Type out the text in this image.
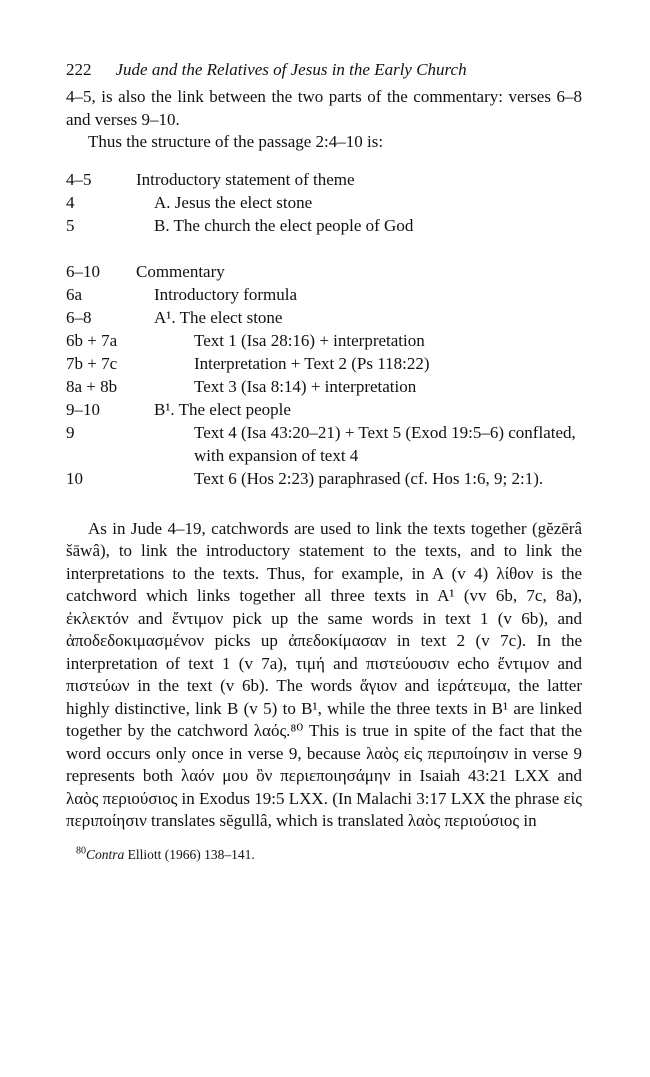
222 Jude and the Relatives of Jesus in the Early Church

4–5, is also the link between the two parts of the commentary: verses 6–8 and verses 9–10.

Thus the structure of the passage 2:4–10 is:

4–5	Introductory statement of theme
4	A. Jesus the elect stone
5	B. The church the elect people of God
6–10	Commentary
6a	Introductory formula
6–8	A¹. The elect stone
6b + 7a	Text 1 (Isa 28:16) + interpretation
7b + 7c	Interpretation + Text 2 (Ps 118:22)
8a + 8b	Text 3 (Isa 8:14) + interpretation
9–10	B¹. The elect people
9	Text 4 (Isa 43:20–21) + Text 5 (Exod 19:5–6) conflated, with expansion of text 4
10	Text 6 (Hos 2:23) paraphrased (cf. Hos 1:6, 9; 2:1).

As in Jude 4–19, catchwords are used to link the texts together (gĕzērâ šāwâ), to link the introductory statement to the texts, and to link the interpretations to the texts. Thus, for example, in A (v 4) λίθον is the catchword which links together all three texts in A¹ (vv 6b, 7c, 8a), ἐκλεκτόν and ἔντιμον pick up the same words in text 1 (v 6b), and ἀποδεδοκιμασμένον picks up ἀπεδοκίμασαν in text 2 (v 7c). In the interpretation of text 1 (v 7a), τιμή and πιστεύουσιν echo ἔντιμον and πιστεύων in the text (v 6b). The words ἅγιον and ἱεράτευμα, the latter highly distinctive, link B (v 5) to B¹, while the three texts in B¹ are linked together by the catchword λαός.⁸⁰ This is true in spite of the fact that the word occurs only once in verse 9, because λαὸς εἰς περιποίησιν in verse 9 represents both λαόν μου ὃν περιεποιησάμην in Isaiah 43:21 LXX and λαὸς περιούσιος in Exodus 19:5 LXX. (In Malachi 3:17 LXX the phrase εἰς περιποίησιν translates sĕgullâ, which is translated λαὸς περιούσιος in

$^{80}$Contra Elliott (1966) 138–141.
